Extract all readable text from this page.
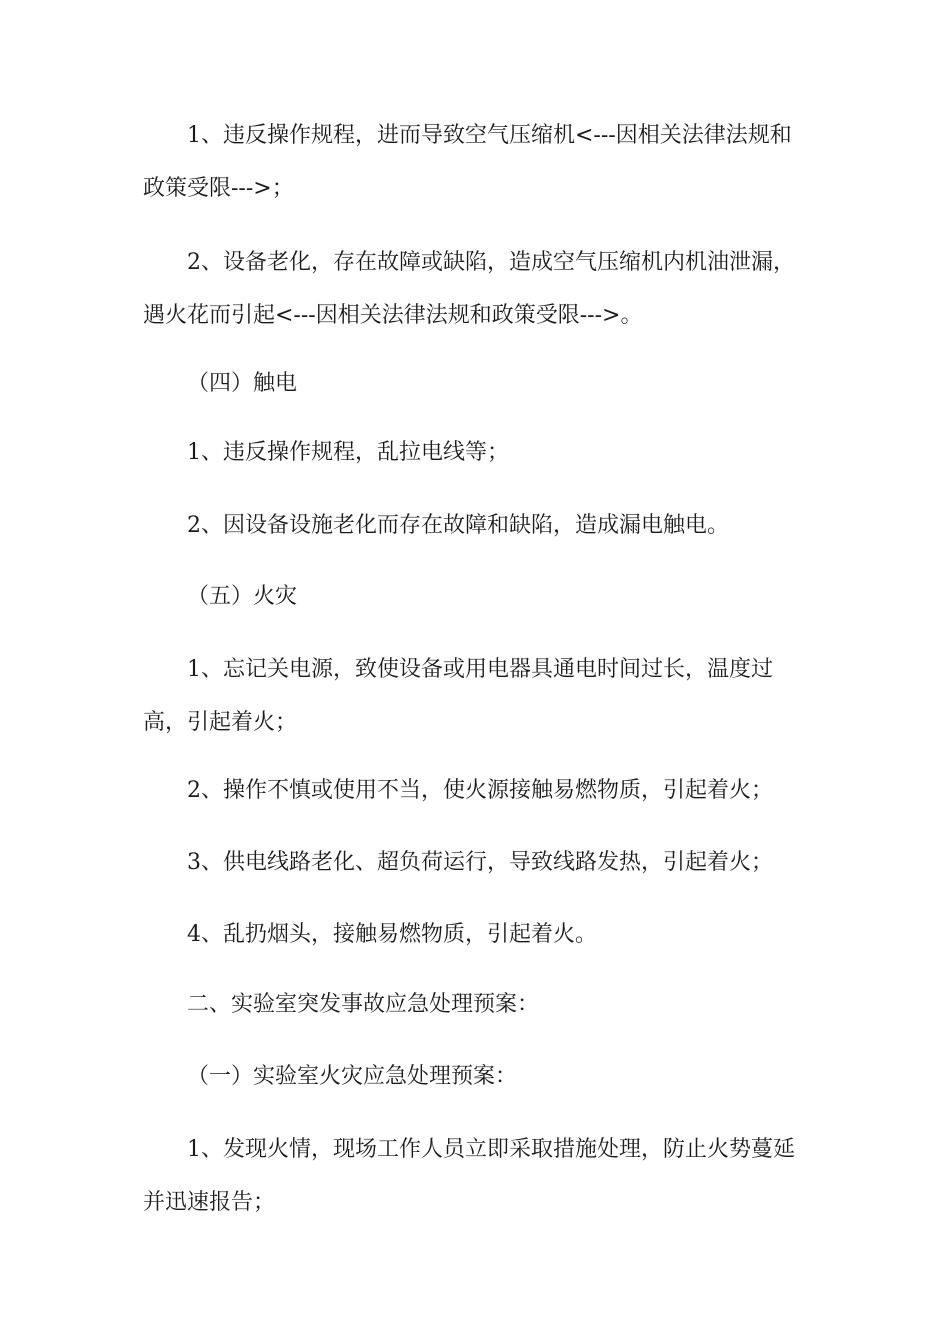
1、违反操作规程，进而导致空气压缩机<---因相关法律法规和政策受限--->；

2、设备老化，存在故障或缺陷，造成空气压缩机内机油泄漏，遇火花而引起<---因相关法律法规和政策受限--->。

（四）触电

1、违反操作规程，乱拉电线等；

2、因设备设施老化而存在故障和缺陷，造成漏电触电。

（五）火灾

1、忘记关电源，致使设备或用电器具通电时间过长，温度过高，引起着火；

2、操作不慎或使用不当，使火源接触易燃物质，引起着火；

3、供电线路老化、超负荷运行，导致线路发热，引起着火；

4、乱扔烟头，接触易燃物质，引起着火。

二、实验室突发事故应急处理预案：

（一）实验室火灾应急处理预案：

1、发现火情，现场工作人员立即采取措施处理，防止火势蔓延并迅速报告；
